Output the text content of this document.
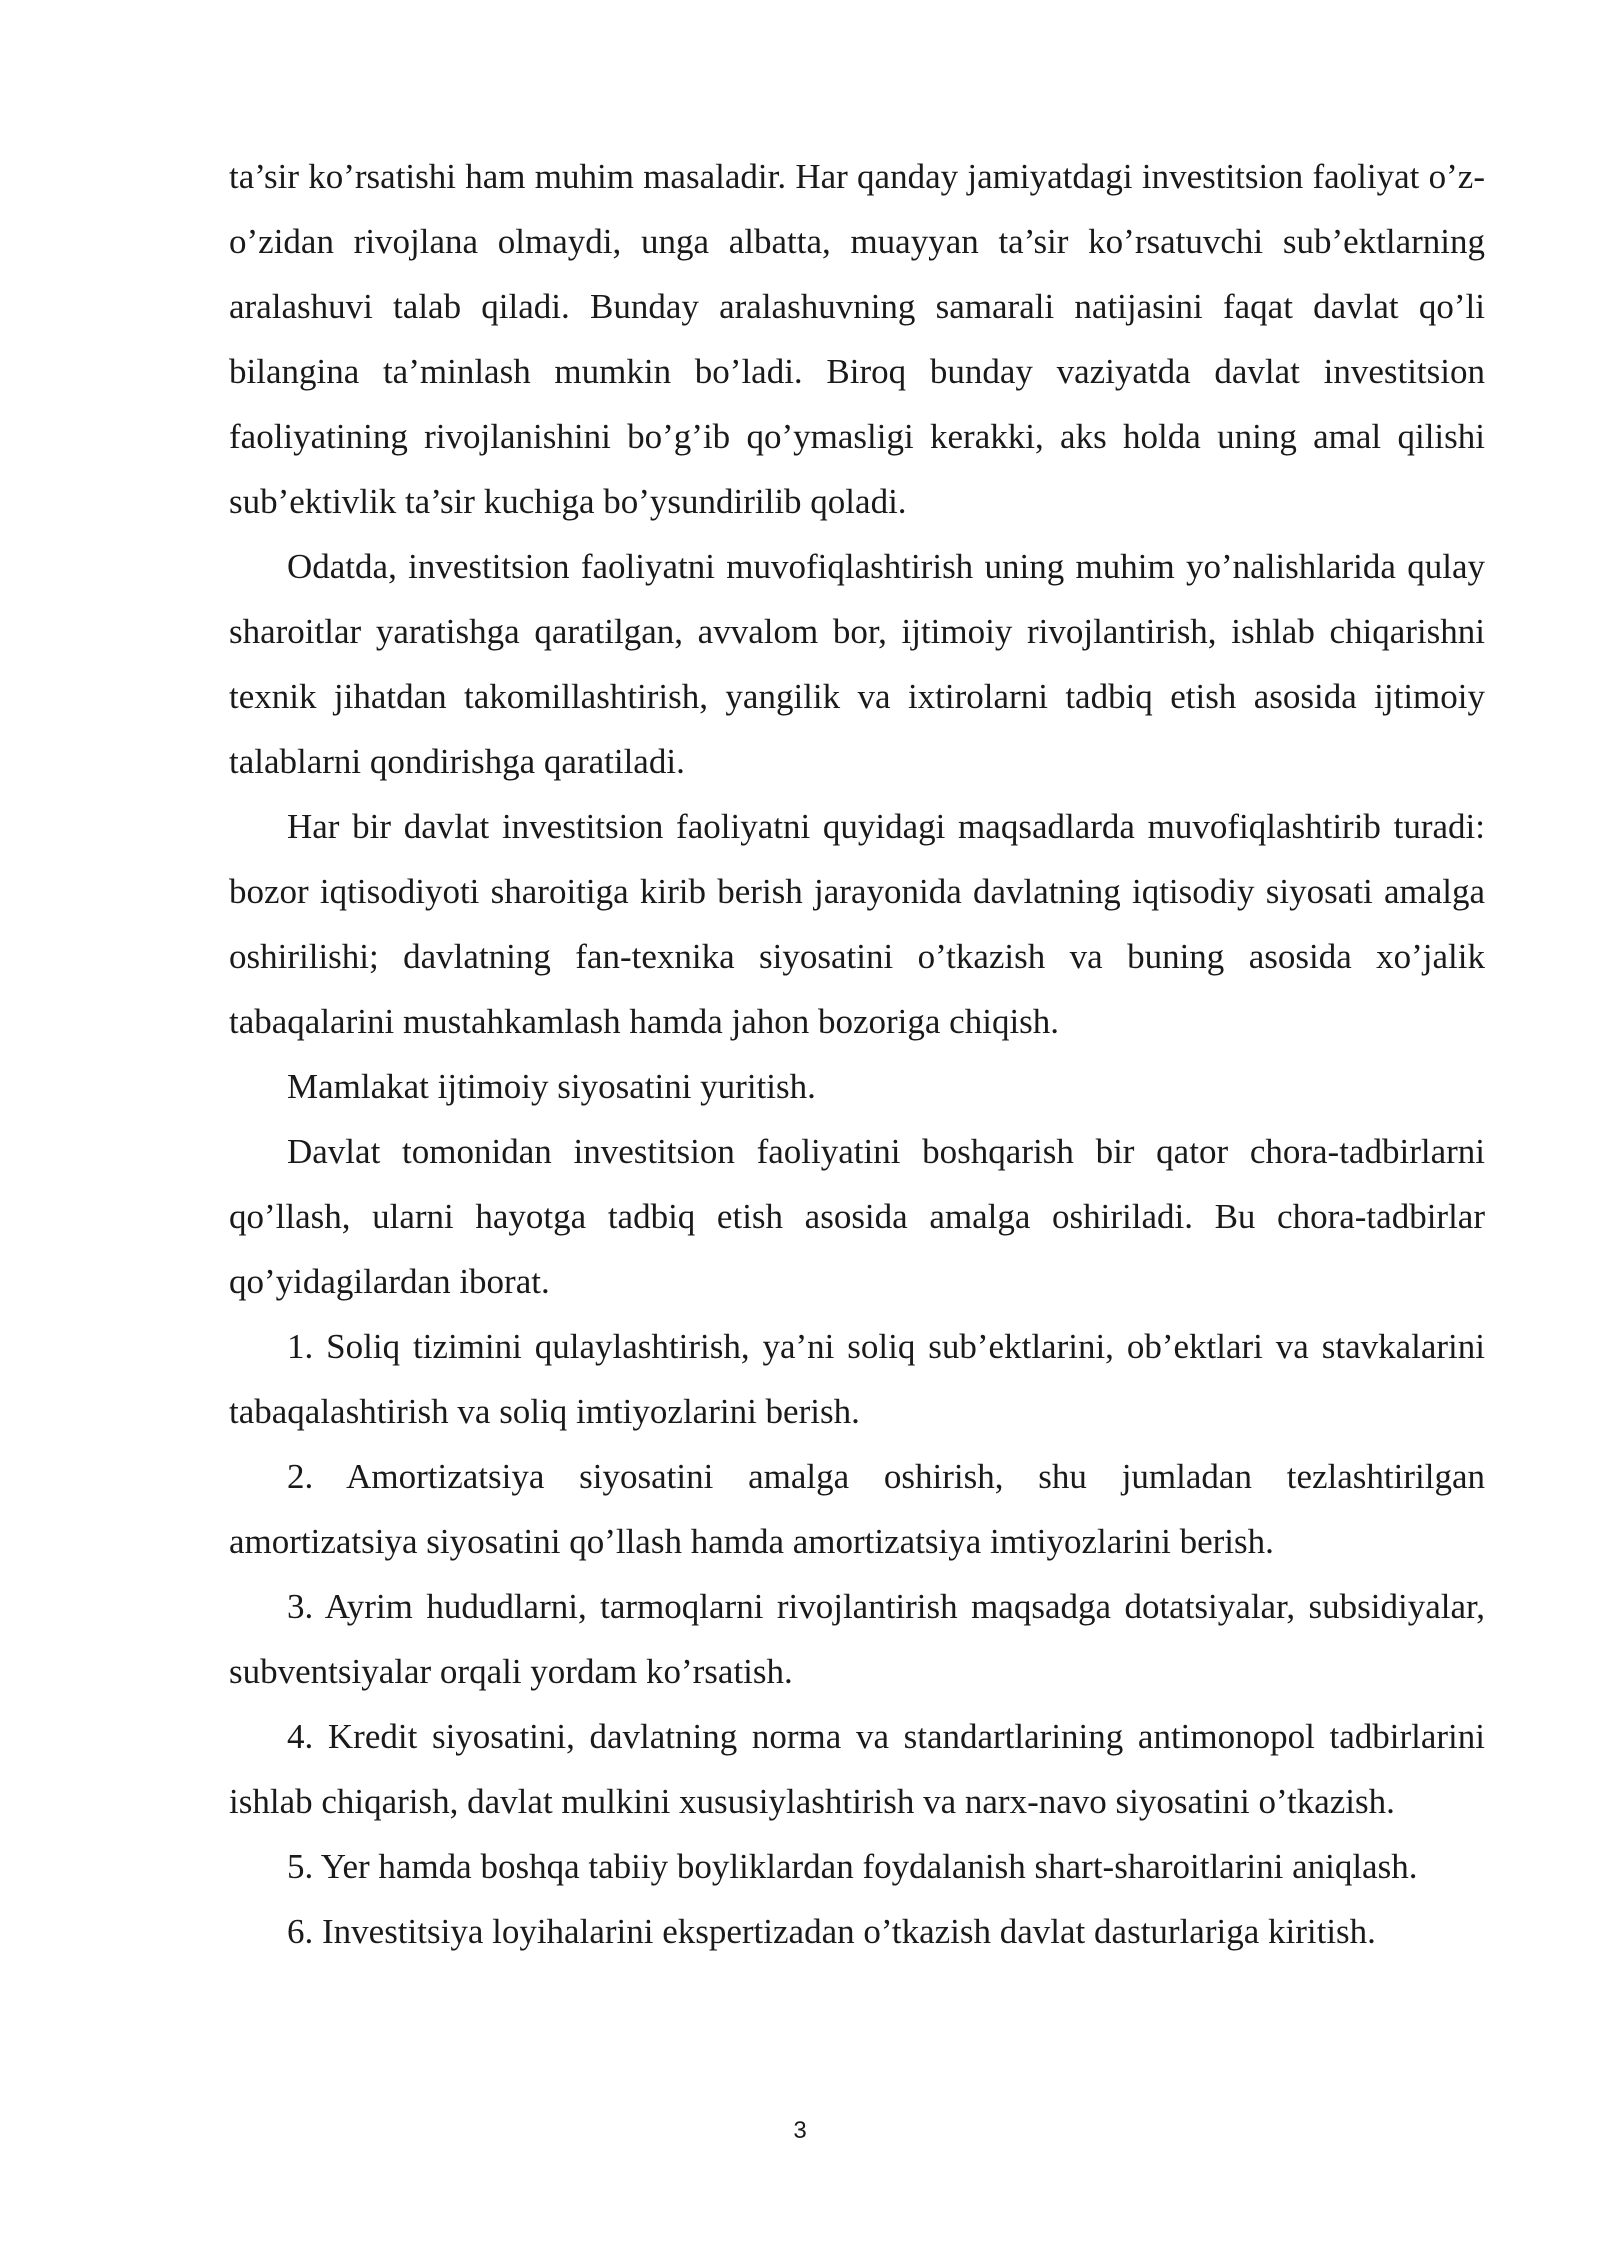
ta’sir ko’rsatishi ham muhim masaladir. Har qanday jamiyatdagi investitsion faoliyat o’z-o’zidan rivojlana olmaydi, unga albatta, muayyan ta’sir ko’rsatuvchi sub’ektlarning aralashuvi talab qiladi. Bunday aralashuvning samarali natijasini faqat davlat qo’li bilangina ta’minlash mumkin bo’ladi. Biroq bunday vaziyatda davlat investitsion faoliyatining rivojlanishini bo’g’ib qo’ymasligi kerakki, aks holda uning amal qilishi sub’ektivlik ta’sir kuchiga bo’ysundirilib qoladi.

Odatda, investitsion faoliyatni muvofiqlashtirish uning muhim yo’nalishlarida qulay sharoitlar yaratishga qaratilgan, avvalom bor, ijtimoiy rivojlantirish, ishlab chiqarishni texnik jihatdan takomillashtirish, yangilik va ixtirolarni tadbiq etish asosida ijtimoiy talablarni qondirishga qaratiladi.

Har bir davlat investitsion faoliyatni quyidagi maqsadlarda muvofiqlashtirib turadi: bozor iqtisodiyoti sharoitiga kirib berish jarayonida davlatning iqtisodiy siyosati amalga oshirilishi; davlatning fan-texnika siyosatini o’tkazish va buning asosida xo’jalik tabaqalarini mustahkamlash hamda jahon bozoriga chiqish.

Mamlakat ijtimoiy siyosatini yuritish.

Davlat tomonidan investitsion faoliyatini boshqarish bir qator chora-tadbirlarni qo’llash, ularni hayotga tadbiq etish asosida amalga oshiriladi. Bu chora-tadbirlar qo’yidagilardan iborat.

1. Soliq tizimini qulaylashtirish, ya’ni soliq sub’ektlarini, ob’ektlari va stavkalarini tabaqalashtirish va soliq imtiyozlarini berish.

2. Amortizatsiya siyosatini amalga oshirish, shu jumladan tezlashtirilgan amortizatsiya siyosatini qo’llash hamda amortizatsiya imtiyozlarini berish.

3. Ayrim hududlarni, tarmoqlarni rivojlantirish maqsadga dotatsiyalar, subsidiyalar, subventsiyalar orqali yordam ko’rsatish.

4. Kredit siyosatini, davlatning norma va standartlarining antimonopol tadbirlarini ishlab chiqarish, davlat mulkini xususiylashtirish va narx-navo siyosatini o’tkazish.

5. Yer hamda boshqa tabiiy boyliklardan foydalanish shart-sharoitlarini aniqlash.

6. Investitsiya loyihalarini ekspertizadan o’tkazish davlat dasturlariga kiritish.

3
